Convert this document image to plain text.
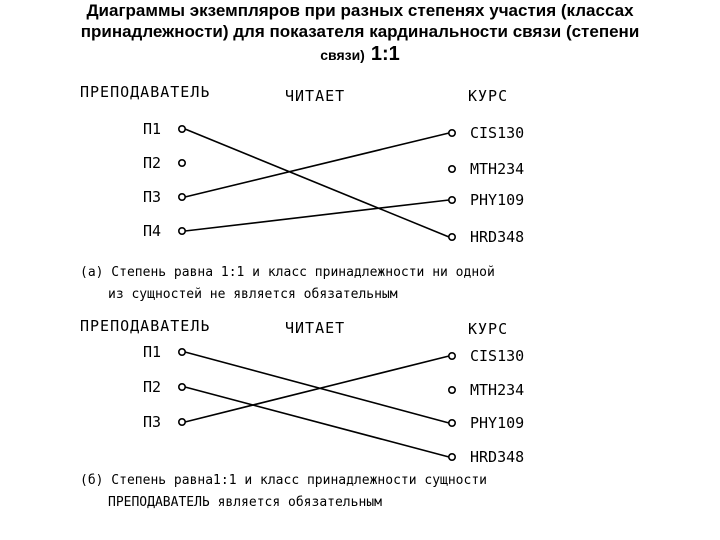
Диаграммы экземпляров при разных степенях участия (классах
принадлежности) для показателя кардинальности связи (степени
связи) 1:1
ПРЕПОДАВАТЕЛЬ	ЧИТАЕТ	КУРС
П1
П2
П3
П4
CIS130
MTH234
PHY109
HRD348
(а) Степень равна 1:1 и класс принадлежности ни одной
из сущностей не является обязательным
ПРЕПОДАВАТЕЛЬ	ЧИТАЕТ	КУРС
П1
П2
П3
CIS130
MTH234
PHY109
HRD348
(б) Степень равна1:1 и класс принадлежности сущности
ПРЕПОДАВАТЕЛЬ является обязательным
